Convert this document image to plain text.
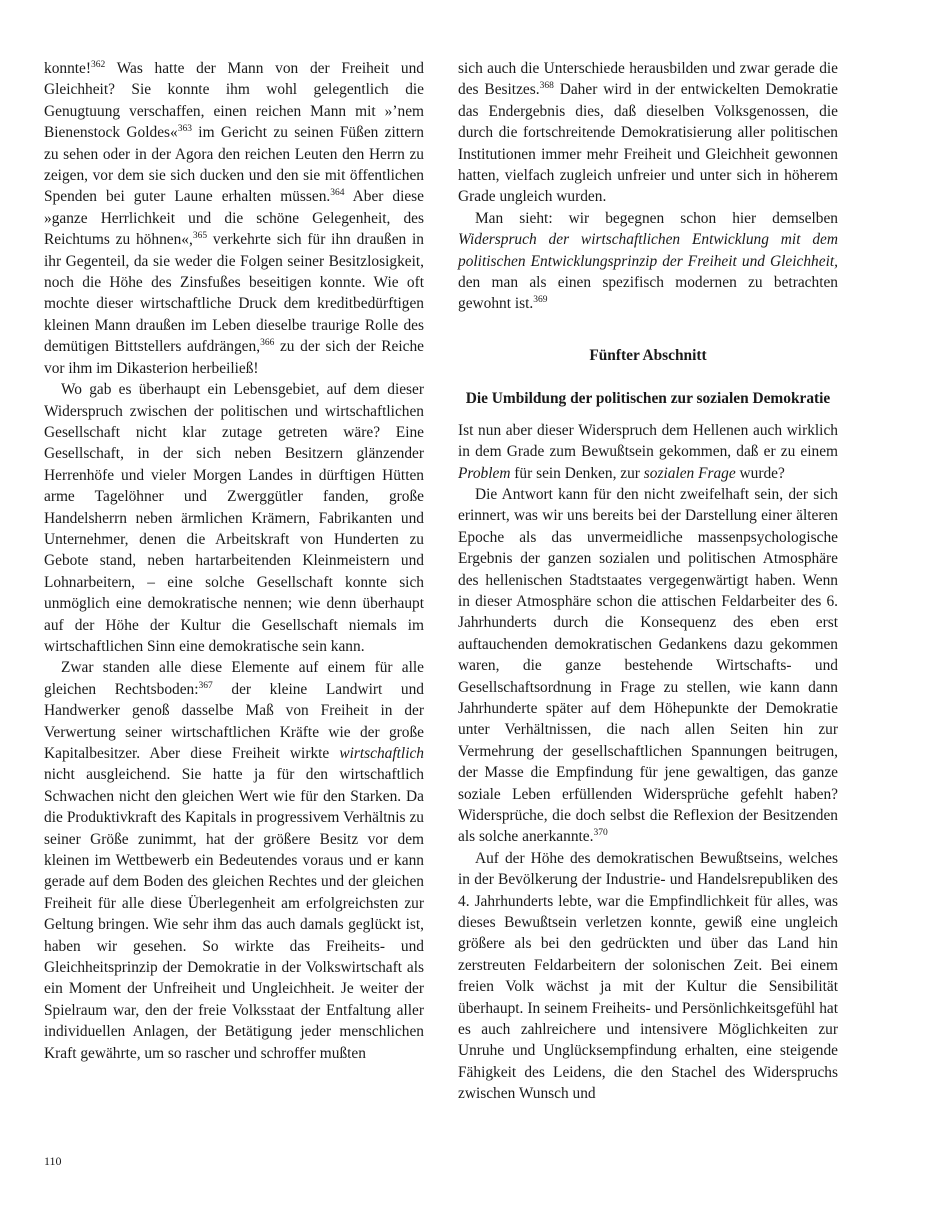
konnte!$^{362}$ Was hatte der Mann von der Freiheit und Gleichheit? Sie konnte ihm wohl gelegentlich die Genugtuung verschaffen, einen reichen Mann mit »’nem Bienenstock Goldes«$^{363}$ im Gericht zu seinen Füßen zittern zu sehen oder in der Agora den reichen Leuten den Herrn zu zeigen, vor dem sie sich ducken und den sie mit öffentlichen Spenden bei guter Laune erhalten müssen.$^{364}$ Aber diese »ganze Herrlichkeit und die schöne Gelegenheit, des Reichtums zu höhnen«,$^{365}$ verkehrte sich für ihn draußen in ihr Gegenteil, da sie weder die Folgen seiner Besitzlosigkeit, noch die Höhe des Zinsfußes beseitigen konnte. Wie oft mochte dieser wirtschaftliche Druck dem kreditbedürftigen kleinen Mann draußen im Leben dieselbe traurige Rolle des demütigen Bittstellers aufdrängen,$^{366}$ zu der sich der Reiche vor ihm im Dikasterion herbeiließ!

Wo gab es überhaupt ein Lebensgebiet, auf dem dieser Widerspruch zwischen der politischen und wirtschaftlichen Gesellschaft nicht klar zutage getreten wäre? Eine Gesellschaft, in der sich neben Besitzern glänzender Herrenhöfe und vieler Morgen Landes in dürftigen Hütten arme Tagelöhner und Zwerggütler fanden, große Handelsherrn neben ärmlichen Krämern, Fabrikanten und Unternehmer, denen die Arbeitskraft von Hunderten zu Gebote stand, neben hartarbeitenden Kleinmeistern und Lohnarbeitern, – eine solche Gesellschaft konnte sich unmöglich eine demokratische nennen; wie denn überhaupt auf der Höhe der Kultur die Gesellschaft niemals im wirtschaftlichen Sinn eine demokratische sein kann.

Zwar standen alle diese Elemente auf einem für alle gleichen Rechtsboden:$^{367}$ der kleine Landwirt und Handwerker genoß dasselbe Maß von Freiheit in der Verwertung seiner wirtschaftlichen Kräfte wie der große Kapitalbesitzer. Aber diese Freiheit wirkte wirtschaftlich nicht ausgleichend. Sie hatte ja für den wirtschaftlich Schwachen nicht den gleichen Wert wie für den Starken. Da die Produktivkraft des Kapitals in progressivem Verhältnis zu seiner Größe zunimmt, hat der größere Besitz vor dem kleinen im Wettbewerb ein Bedeutendes voraus und er kann gerade auf dem Boden des gleichen Rechtes und der gleichen Freiheit für alle diese Überlegenheit am erfolgreichsten zur Geltung bringen. Wie sehr ihm das auch damals geglückt ist, haben wir gesehen. So wirkte das Freiheits- und Gleichheitsprinzip der Demokratie in der Volkswirtschaft als ein Moment der Unfreiheit und Ungleichheit. Je weiter der Spielraum war, den der freie Volksstaat der Entfaltung aller individuellen Anlagen, der Betätigung jeder menschlichen Kraft gewährte, um so rascher und schroffer mußten

sich auch die Unterschiede herausbilden und zwar gerade die des Besitzes.$^{368}$ Daher wird in der entwickelten Demokratie das Endergebnis dies, daß dieselben Volksgenossen, die durch die fortschreitende Demokratisierung aller politischen Institutionen immer mehr Freiheit und Gleichheit gewonnen hatten, vielfach zugleich unfreier und unter sich in höherem Grade ungleich wurden.

Man sieht: wir begegnen schon hier demselben Widerspruch der wirtschaftlichen Entwicklung mit dem politischen Entwicklungsprinzip der Freiheit und Gleichheit, den man als einen spezifisch modernen zu betrachten gewohnt ist.$^{369}$

Fünfter Abschnitt
Die Umbildung der politischen zur sozialen Demokratie

Ist nun aber dieser Widerspruch dem Hellenen auch wirklich in dem Grade zum Bewußtsein gekommen, daß er zu einem Problem für sein Denken, zur sozialen Frage wurde?

Die Antwort kann für den nicht zweifelhaft sein, der sich erinnert, was wir uns bereits bei der Darstellung einer älteren Epoche als das unvermeidliche massenpsychologische Ergebnis der ganzen sozialen und politischen Atmosphäre des hellenischen Stadtstaates vergegenwärtigt haben. Wenn in dieser Atmosphäre schon die attischen Feldarbeiter des 6. Jahrhunderts durch die Konsequenz des eben erst auftauchenden demokratischen Gedankens dazu gekommen waren, die ganze bestehende Wirtschafts- und Gesellschaftsordnung in Frage zu stellen, wie kann dann Jahrhunderte später auf dem Höhepunkte der Demokratie unter Verhältnissen, die nach allen Seiten hin zur Vermehrung der gesellschaftlichen Spannungen beitrugen, der Masse die Empfindung für jene gewaltigen, das ganze soziale Leben erfüllenden Widersprüche gefehlt haben? Widersprüche, die doch selbst die Reflexion der Besitzenden als solche anerkannte.$^{370}$

Auf der Höhe des demokratischen Bewußtseins, welches in der Bevölkerung der Industrie- und Handelsrepubliken des 4. Jahrhunderts lebte, war die Empfindlichkeit für alles, was dieses Bewußtsein verletzen konnte, gewiß eine ungleich größere als bei den gedrückten und über das Land hin zerstreuten Feldarbeitern der solonischen Zeit. Bei einem freien Volk wächst ja mit der Kultur die Sensibilität überhaupt. In seinem Freiheits- und Persönlichkeitsgefühl hat es auch zahlreichere und intensivere Möglichkeiten zur Unruhe und Unglücksempfindung erhalten, eine steigende Fähigkeit des Leidens, die den Stachel des Widerspruchs zwischen Wunsch und

110
